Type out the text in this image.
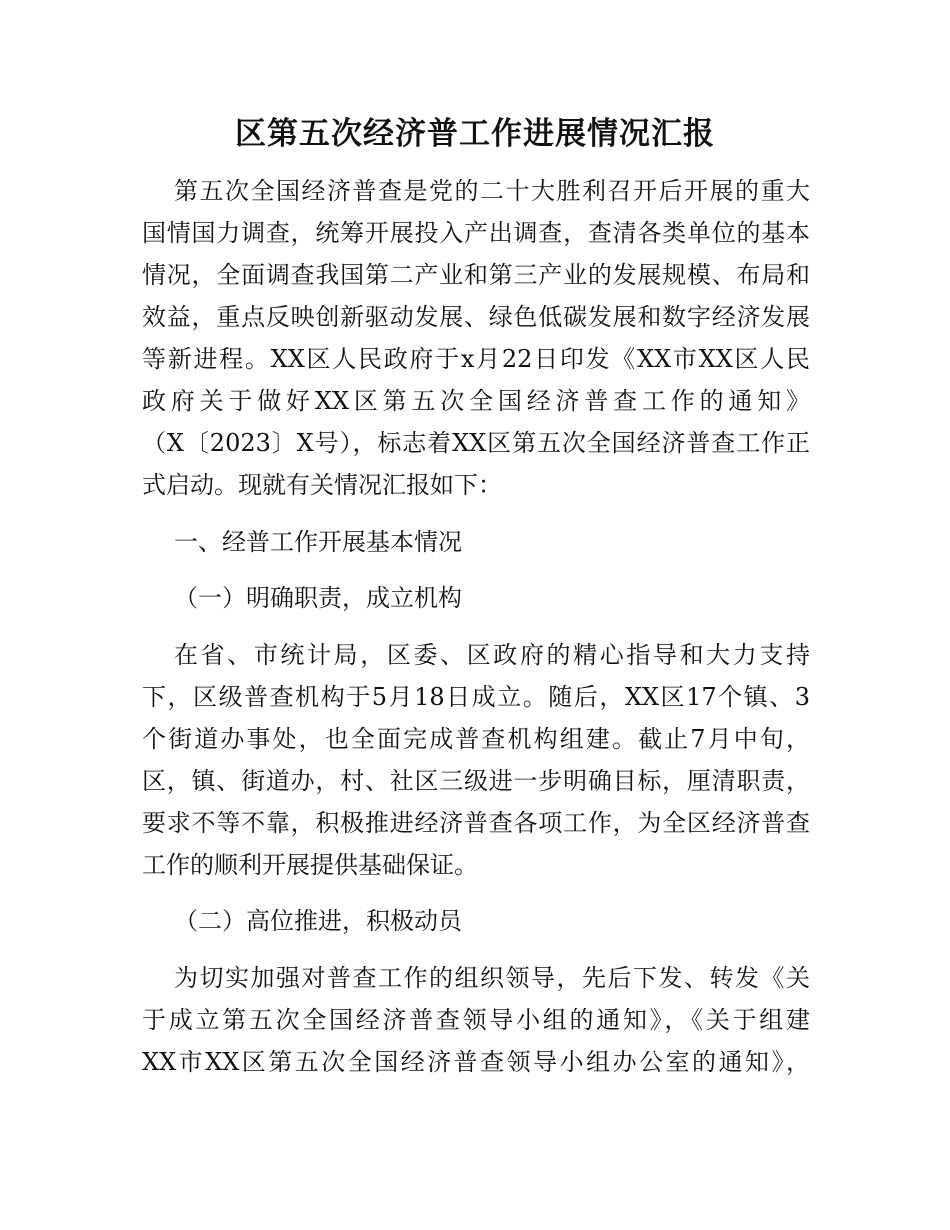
区第五次经济普工作进展情况汇报
第五次全国经济普查是党的二十大胜利召开后开展的重大
国情国力调查，统筹开展投入产出调查，查清各类单位的基本
情况，全面调查我国第二产业和第三产业的发展规模、布局和
效益，重点反映创新驱动发展、绿色低碳发展和数字经济发展
等新进程。XX区人民政府于x月22日印发《XX市XX区人民
政府关于做好XX区第五次全国经济普查工作的通知》
（X〔2023〕X号），标志着XX区第五次全国经济普查工作正
式启动。现就有关情况汇报如下：
一、经普工作开展基本情况
（一）明确职责，成立机构
在省、市统计局，区委、区政府的精心指导和大力支持
下，区级普查机构于5月18日成立。随后，XX区17个镇、3
个街道办事处，也全面完成普查机构组建。截止7月中旬，
区，镇、街道办，村、社区三级进一步明确目标，厘清职责，
要求不等不靠，积极推进经济普查各项工作，为全区经济普查
工作的顺利开展提供基础保证。
（二）高位推进，积极动员
为切实加强对普查工作的组织领导，先后下发、转发《关
于成立第五次全国经济普查领导小组的通知》，《关于组建
XX市XX区第五次全国经济普查领导小组办公室的通知》，
